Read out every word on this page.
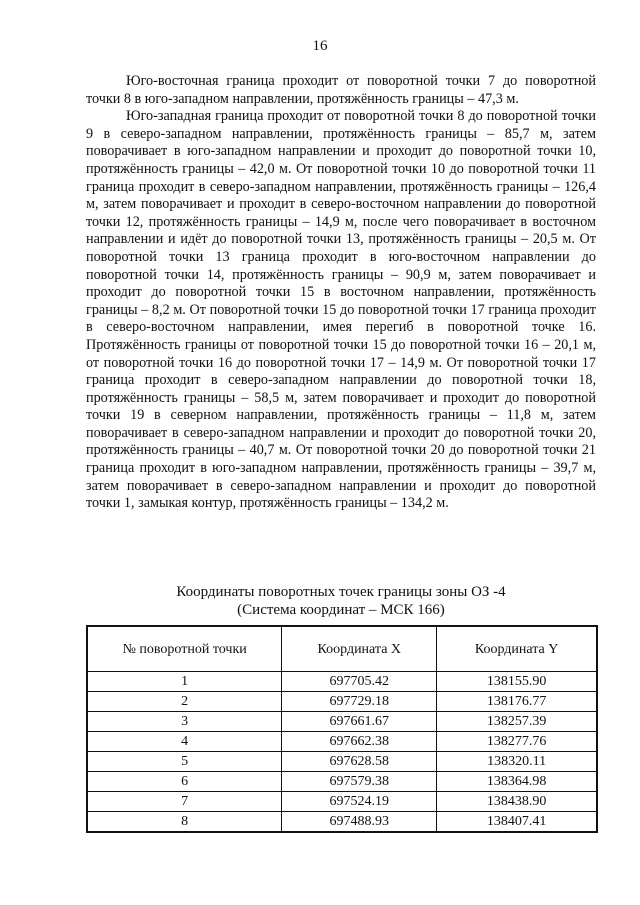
16

Юго-восточная граница проходит от поворотной точки 7 до поворотной точки 8 в юго-западном направлении, протяжённость границы – 47,3 м.

Юго-западная граница проходит от поворотной точки 8 до поворотной точки 9 в северо-западном направлении, протяжённость границы – 85,7 м, затем поворачивает в юго-западном направлении и проходит до поворотной точки 10, протяжённость границы – 42,0 м. От поворотной точки 10 до поворотной точки 11 граница проходит в северо-западном направлении, протяжённость границы – 126,4 м, затем поворачивает и проходит в северо-восточном направлении до поворотной точки 12, протяжённость границы – 14,9 м, после чего поворачивает в восточном направлении и идёт до поворотной точки 13, протяжённость границы – 20,5 м. От поворотной точки 13 граница проходит в юго-восточном направлении до поворотной точки 14, протяжённость границы – 90,9 м, затем поворачивает и проходит до поворотной точки 15 в восточном направлении, протяжённость границы – 8,2 м. От поворотной точки 15 до поворотной точки 17 граница проходит в северо-восточном направлении, имея перегиб в поворотной точке 16. Протяжённость границы от поворотной точки 15 до поворотной точки 16 – 20,1 м, от поворотной точки 16 до поворотной точки 17 – 14,9 м. От поворотной точки 17 граница проходит в северо-западном направлении до поворотной точки 18, протяжённость границы – 58,5 м, затем поворачивает и проходит до поворотной точки 19 в северном направлении, протяжённость границы – 11,8 м, затем поворачивает в северо-западном направлении и проходит до поворотной точки 20, протяжённость границы – 40,7 м. От поворотной точки 20 до поворотной точки 21 граница проходит в юго-западном направлении, протяжённость границы – 39,7 м, затем поворачивает в северо-западном направлении и проходит до поворотной точки 1, замыкая контур, протяжённость границы – 134,2 м.

Координаты поворотных точек границы зоны ОЗ -4
(Система координат – МСК 166)
№ поворотной точки	Координата X	Координата Y
1	697705.42	138155.90
2	697729.18	138176.77
3	697661.67	138257.39
4	697662.38	138277.76
5	697628.58	138320.11
6	697579.38	138364.98
7	697524.19	138438.90
8	697488.93	138407.41
